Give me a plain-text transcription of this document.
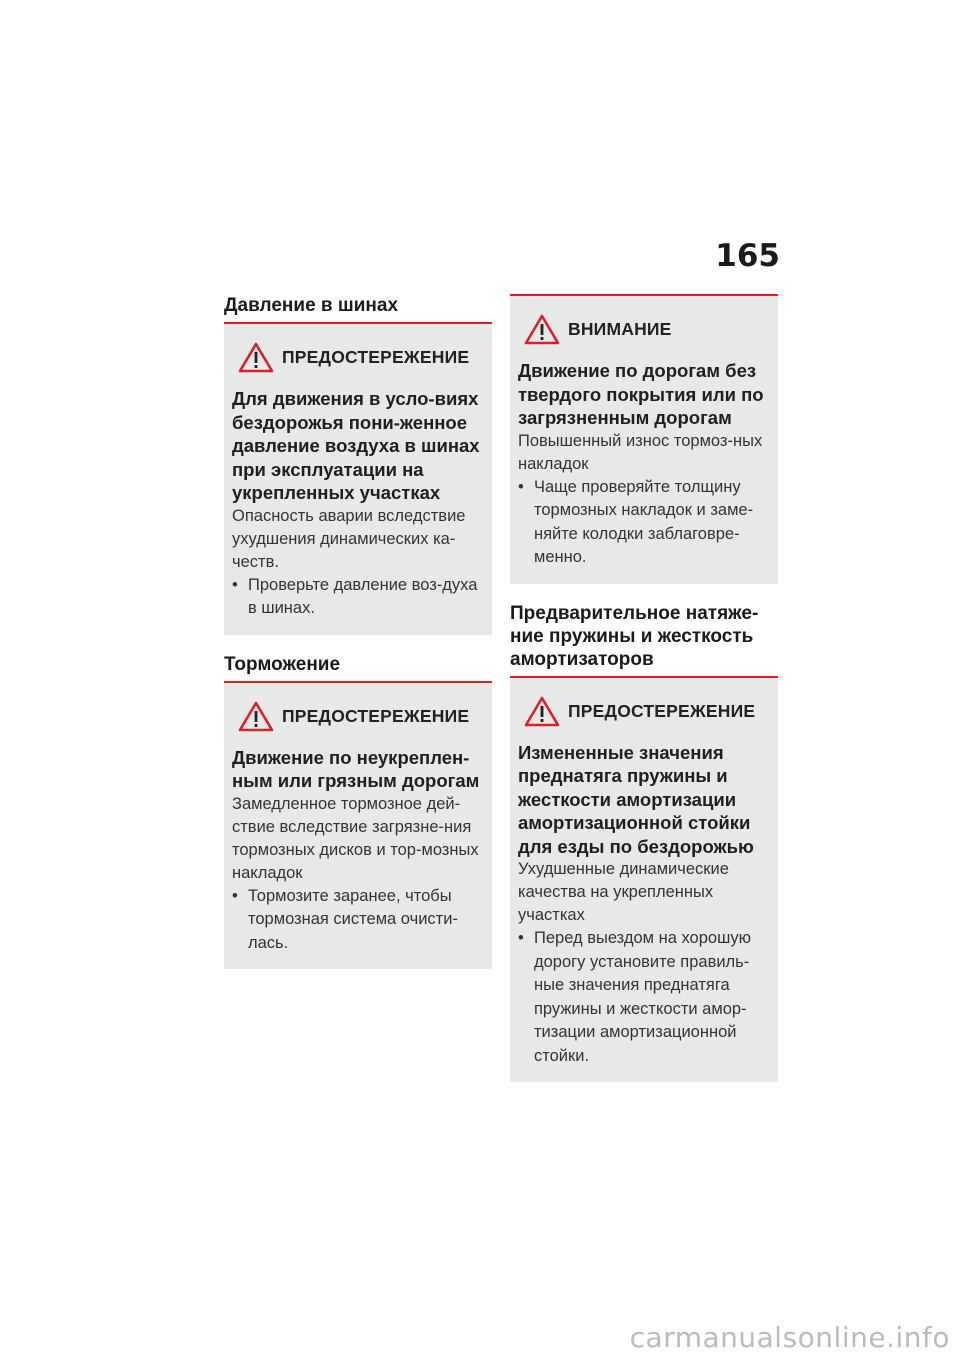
165
Давление в шинах
ПРЕДОСТЕРЕЖЕНИЕ
Для движения в усло-виях бездорожья пони-женное давление воздуха в шинах при эксплуатации на укрепленных участках
Опасность аварии вследствие ухудшения динамических ка-честв.
• Проверьте давление воз-духа в шинах.
Торможение
ПРЕДОСТЕРЕЖЕНИЕ
Движение по неукреплен-ным или грязным дорогам
Замедленное тормозное дей-ствие вследствие загрязне-ния тормозных дисков и тор-мозных накладок
• Тормозите заранее, чтобы тормозная система очисти-лась.
ВНИМАНИЕ
Движение по дорогам без твердого покрытия или по загрязненным дорогам
Повышенный износ тормоз-ных накладок
• Чаще проверяйте толщину тормозных накладок и заме-няйте колодки заблаговре-менно.
Предварительное натяже-ние пружины и жесткость амортизаторов
ПРЕДОСТЕРЕЖЕНИЕ
Измененные значения преднатяга пружины и жесткости амортизации амортизационной стойки для езды по бездорожью
Ухудшенные динамические качества на укрепленных участках
• Перед выездом на хорошую дорогу установите правиль-ные значения преднатяга пружины и жесткости амор-тизации амортизационной стойки.
carmanualsonline.info
